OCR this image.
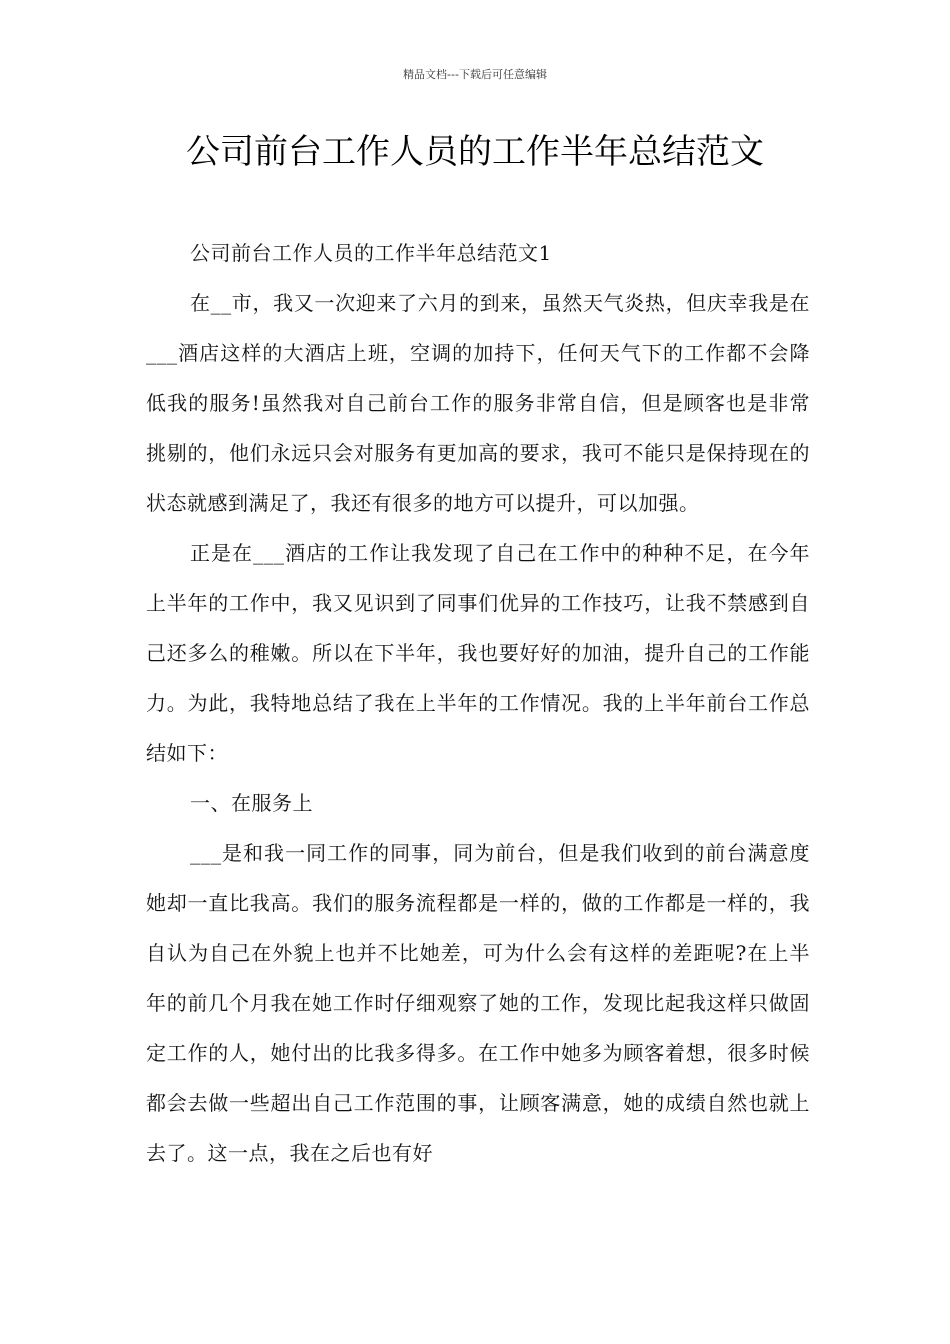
精品文档---下载后可任意编辑
公司前台工作人员的工作半年总结范文

公司前台工作人员的工作半年总结范文1

在__市，我又一次迎来了六月的到来，虽然天气炎热，但庆幸我是在___酒店这样的大酒店上班，空调的加持下，任何天气下的工作都不会降低我的服务!虽然我对自己前台工作的服务非常自信，但是顾客也是非常挑剔的，他们永远只会对服务有更加高的要求，我可不能只是保持现在的状态就感到满足了，我还有很多的地方可以提升，可以加强。

正是在___酒店的工作让我发现了自己在工作中的种种不足，在今年上半年的工作中，我又见识到了同事们优异的工作技巧，让我不禁感到自己还多么的稚嫩。所以在下半年，我也要好好的加油，提升自己的工作能力。为此，我特地总结了我在上半年的工作情况。我的上半年前台工作总结如下：

一、在服务上

___是和我一同工作的同事，同为前台，但是我们收到的前台满意度她却一直比我高。我们的服务流程都是一样的，做的工作都是一样的，我自认为自己在外貌上也并不比她差，可为什么会有这样的差距呢?在上半年的前几个月我在她工作时仔细观察了她的工作，发现比起我这样只做固定工作的人，她付出的比我多得多。在工作中她多为顾客着想，很多时候都会去做一些超出自己工作范围的事，让顾客满意，她的成绩自然也就上去了。这一点，我在之后也有好
